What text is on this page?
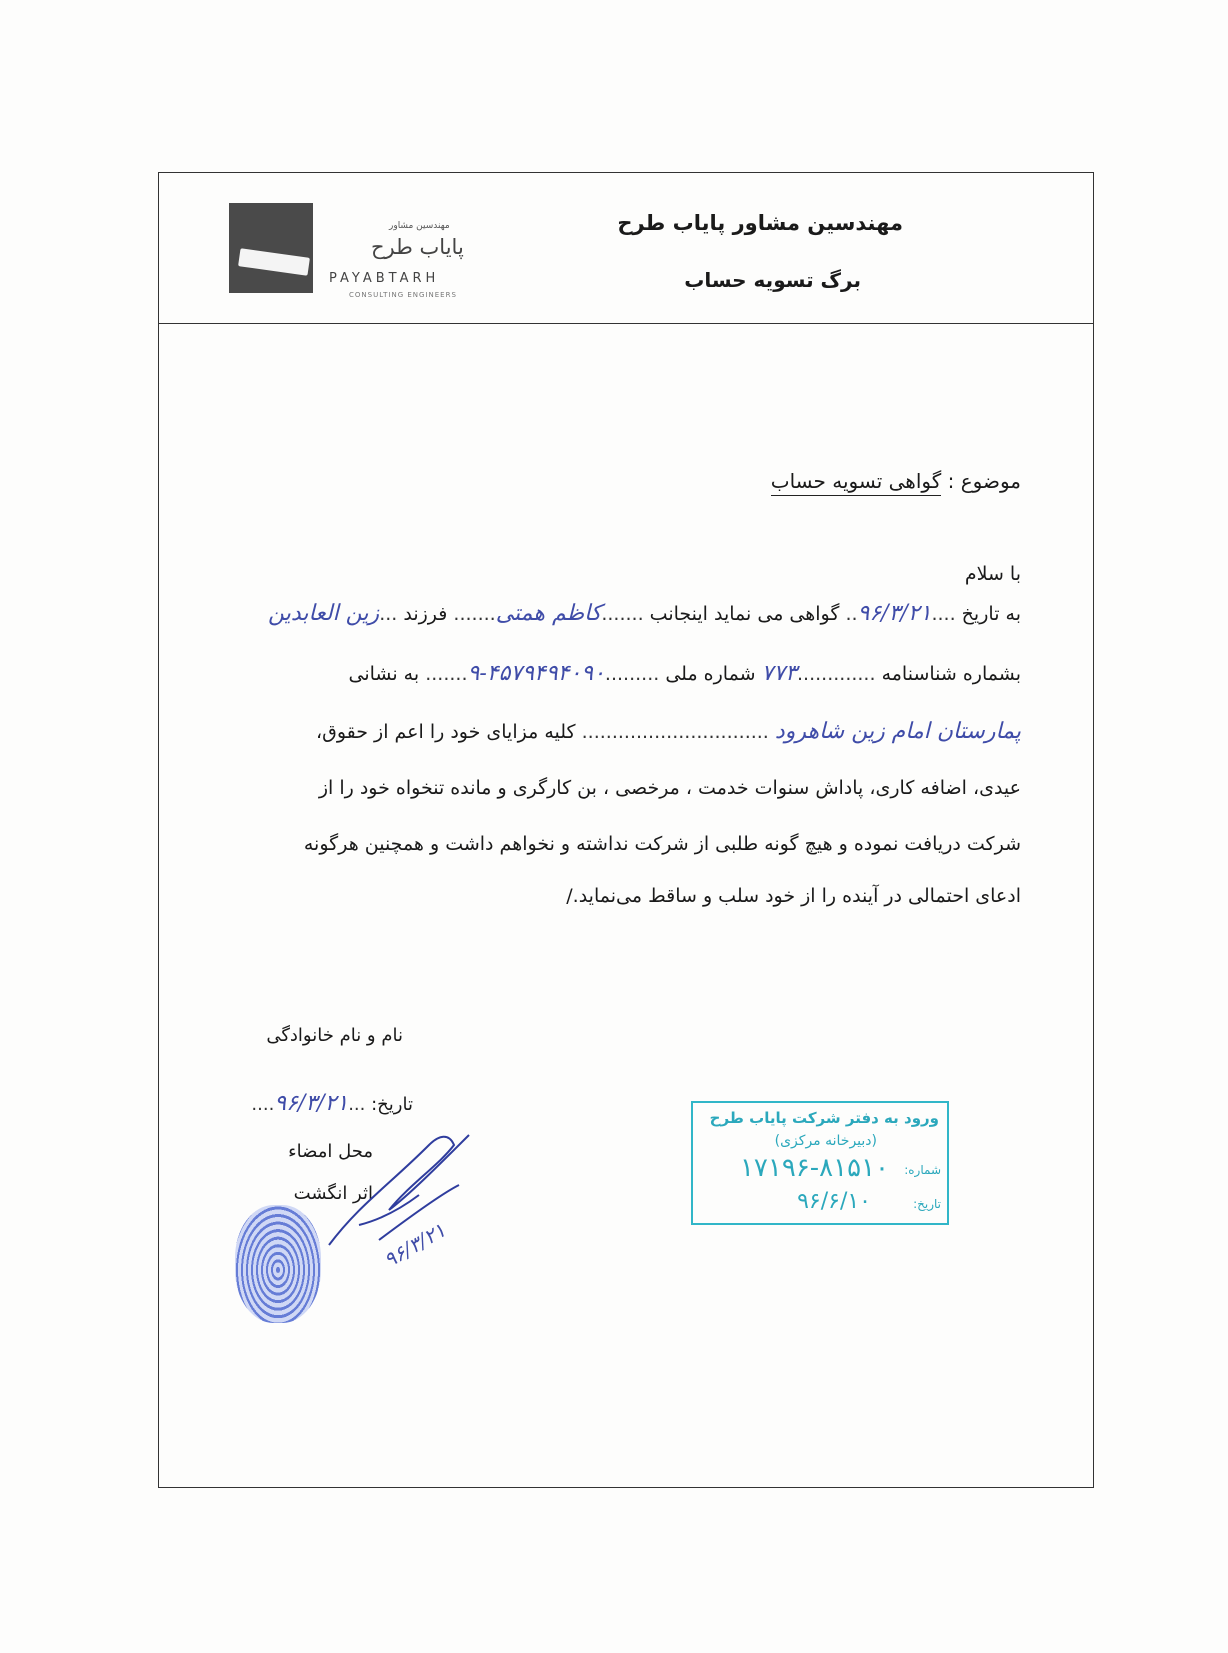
مهندسین مشاور
پایاب طرح
PAYABTARH
CONSULTING ENGINEERS
مهندسین مشاور پایاب طرح
برگ تسویه حساب
موضوع : گواهی تسویه حساب
با سلام
به تاریخ ....۹۶/۳/۲۱.. گواهی می نماید اینجانب .......کاظم همتی....... فرزند ...زین العابدین
بشماره شناسنامه .............۷۷۳ شماره ملی .........۴۵۷۹۴۹۴۰۹۰-۹....... به نشانی
پمارستان امام زین شاهرود ............................... کلیه مزایای خود را اعم از حقوق،
عیدی، اضافه کاری، پاداش سنوات خدمت ، مرخصی ، بن کارگری و مانده تنخواه خود را از
شرکت دریافت نموده و هیچ گونه طلبی از شرکت نداشته و نخواهم داشت و همچنین هرگونه
ادعای احتمالی در آینده را از خود سلب و ساقط می‌نماید./
نام و نام خانوادگی
تاریخ: ...۹۶/۳/۲۱....
محل امضاء
اثر انگشت
۹۶/۳/۲۱
ورود به دفتر شرکت پایاب طرح
(دبیرخانه مرکزی)
شماره:
۱۷۱۹۶-۸۱۵۱۰
تاریخ:
۹۶/۶/۱۰
